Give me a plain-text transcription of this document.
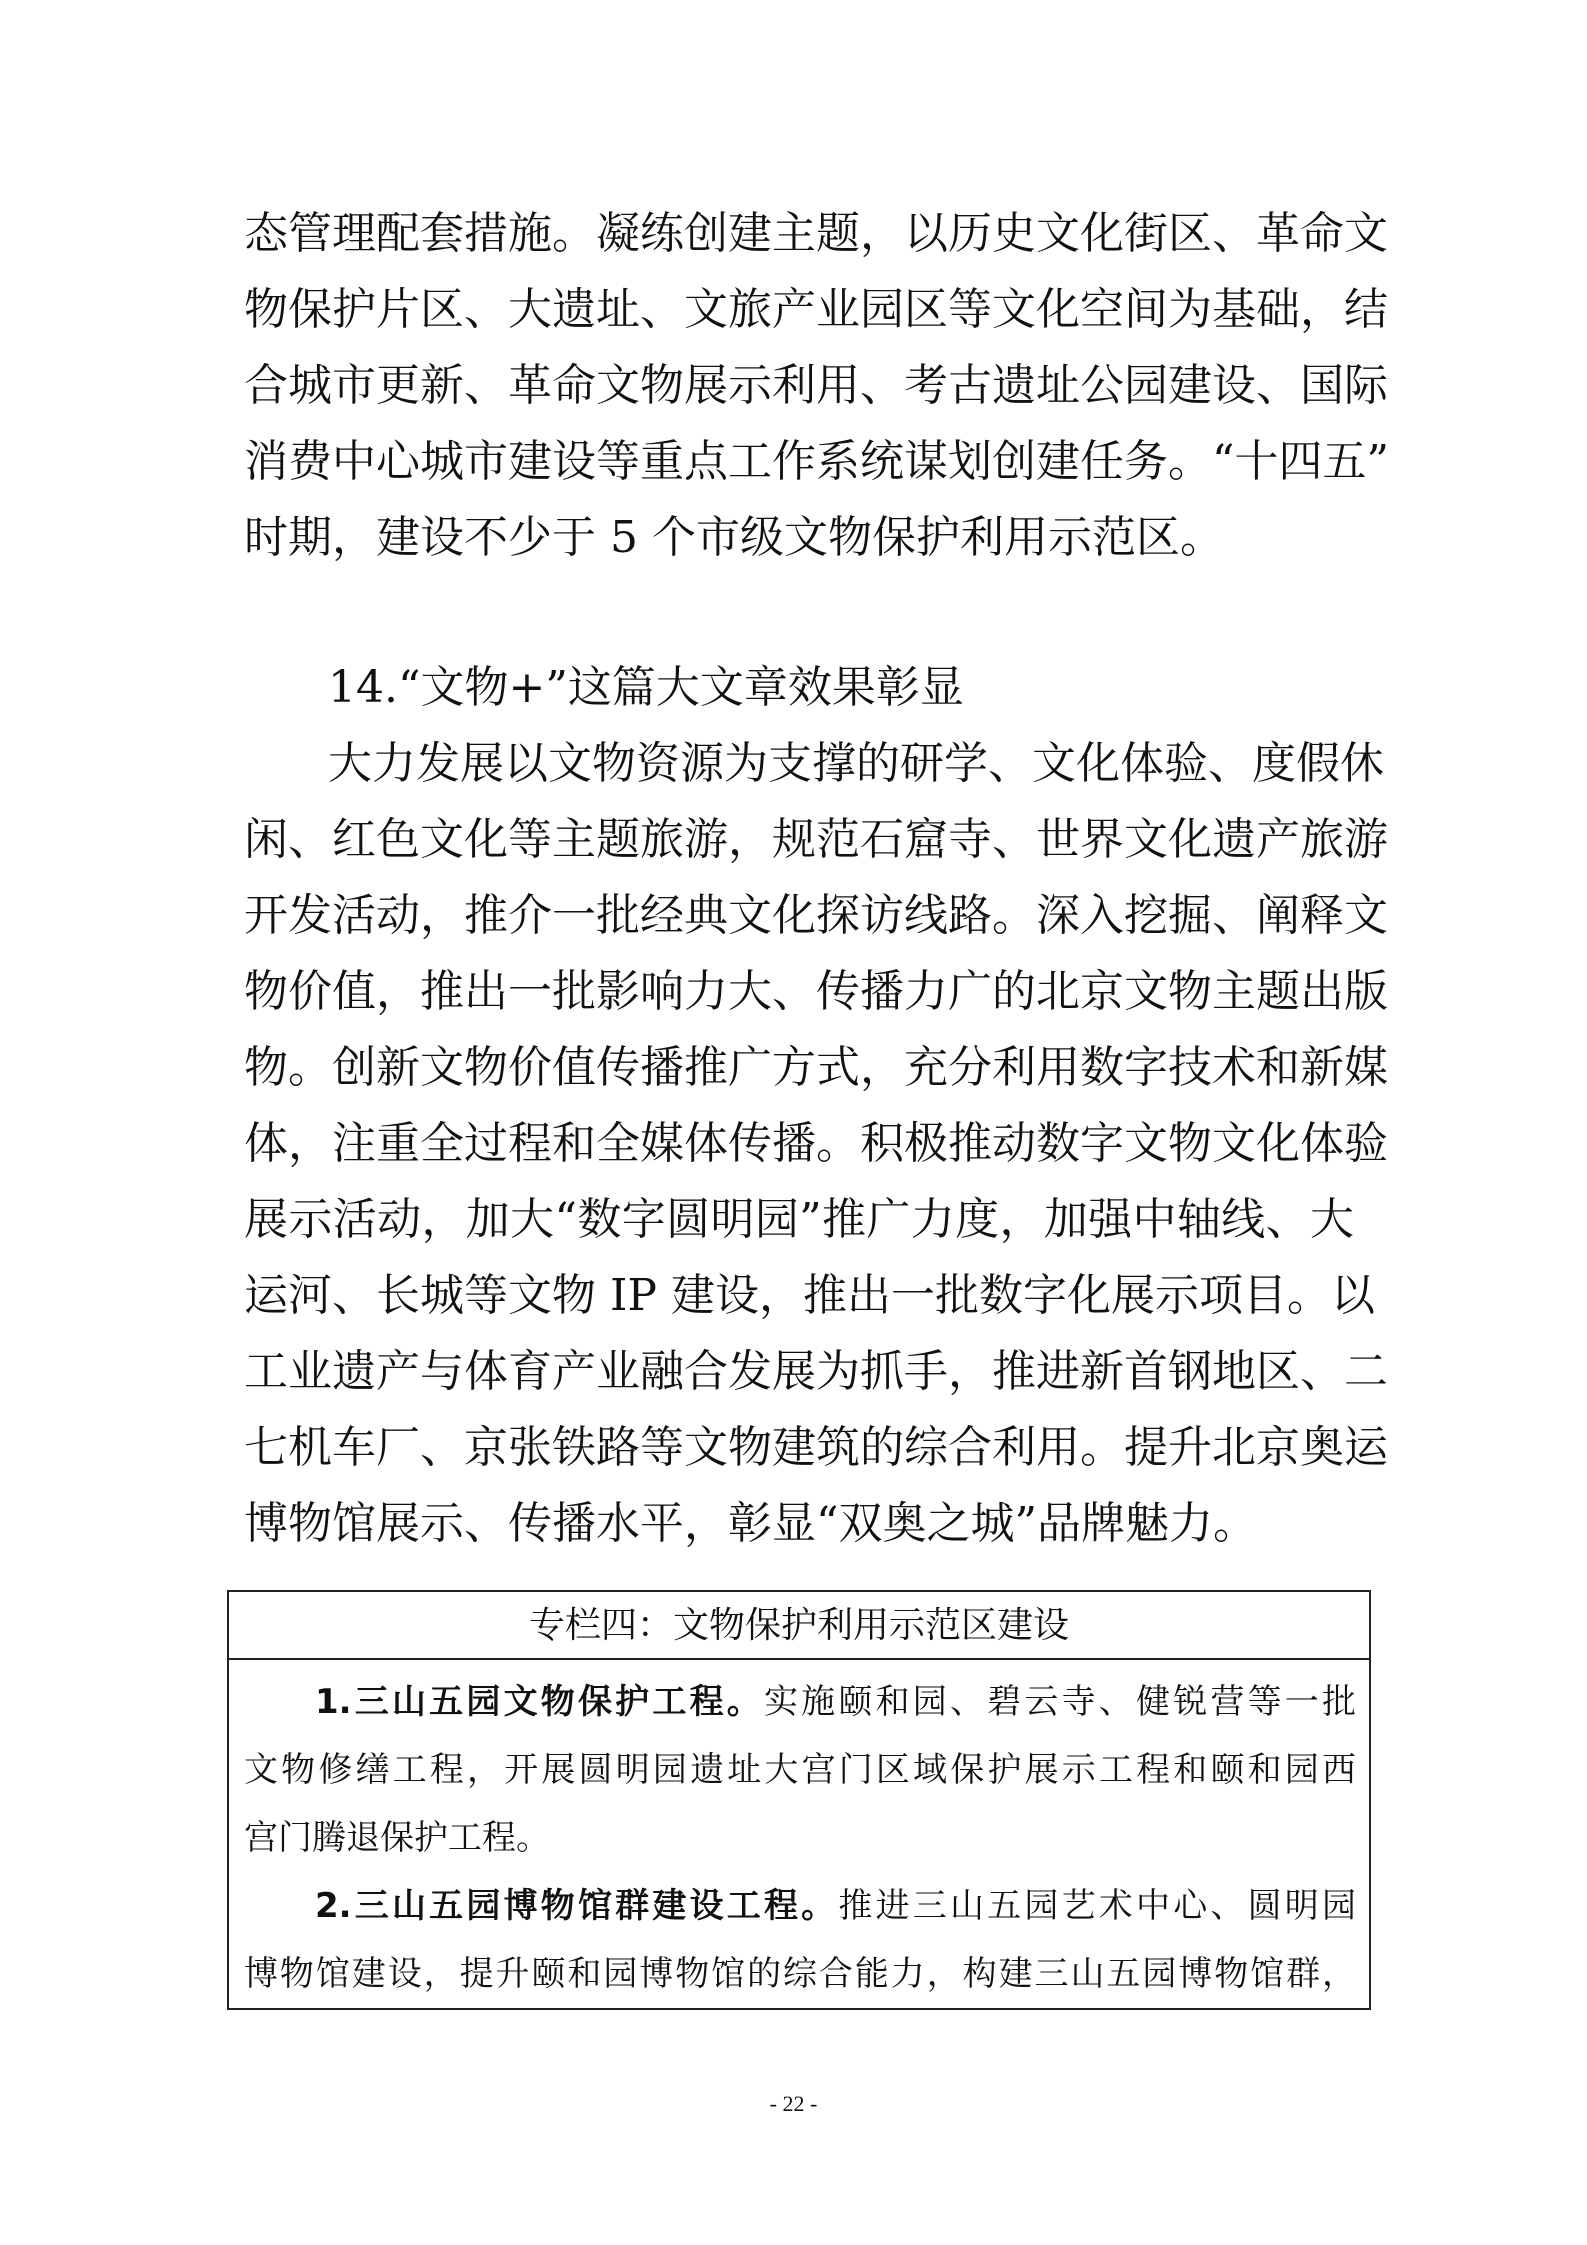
态管理配套措施。凝练创建主题，以历史文化街区、革命文
物保护片区、大遗址、文旅产业园区等文化空间为基础，结
合城市更新、革命文物展示利用、考古遗址公园建设、国际
消费中心城市建设等重点工作系统谋划创建任务。“十四五”
时期，建设不少于 5 个市级文物保护利用示范区。
14.“文物+”这篇大文章效果彰显
大力发展以文物资源为支撑的研学、文化体验、度假休
闲、红色文化等主题旅游，规范石窟寺、世界文化遗产旅游
开发活动，推介一批经典文化探访线路。深入挖掘、阐释文
物价值，推出一批影响力大、传播力广的北京文物主题出版
物。创新文物价值传播推广方式，充分利用数字技术和新媒
体，注重全过程和全媒体传播。积极推动数字文物文化体验
展示活动，加大“数字圆明园”推广力度，加强中轴线、大
运河、长城等文物 IP 建设，推出一批数字化展示项目。以
工业遗产与体育产业融合发展为抓手，推进新首钢地区、二
七机车厂、京张铁路等文物建筑的综合利用。提升北京奥运
博物馆展示、传播水平，彰显“双奥之城”品牌魅力。
专栏四：文物保护利用示范区建设
1.三山五园文物保护工程。实施颐和园、碧云寺、健锐营等一批
文物修缮工程，开展圆明园遗址大宫门区域保护展示工程和颐和园西
宫门腾退保护工程。
2.三山五园博物馆群建设工程。推进三山五园艺术中心、圆明园
博物馆建设，提升颐和园博物馆的综合能力，构建三山五园博物馆群，
- 22 -
